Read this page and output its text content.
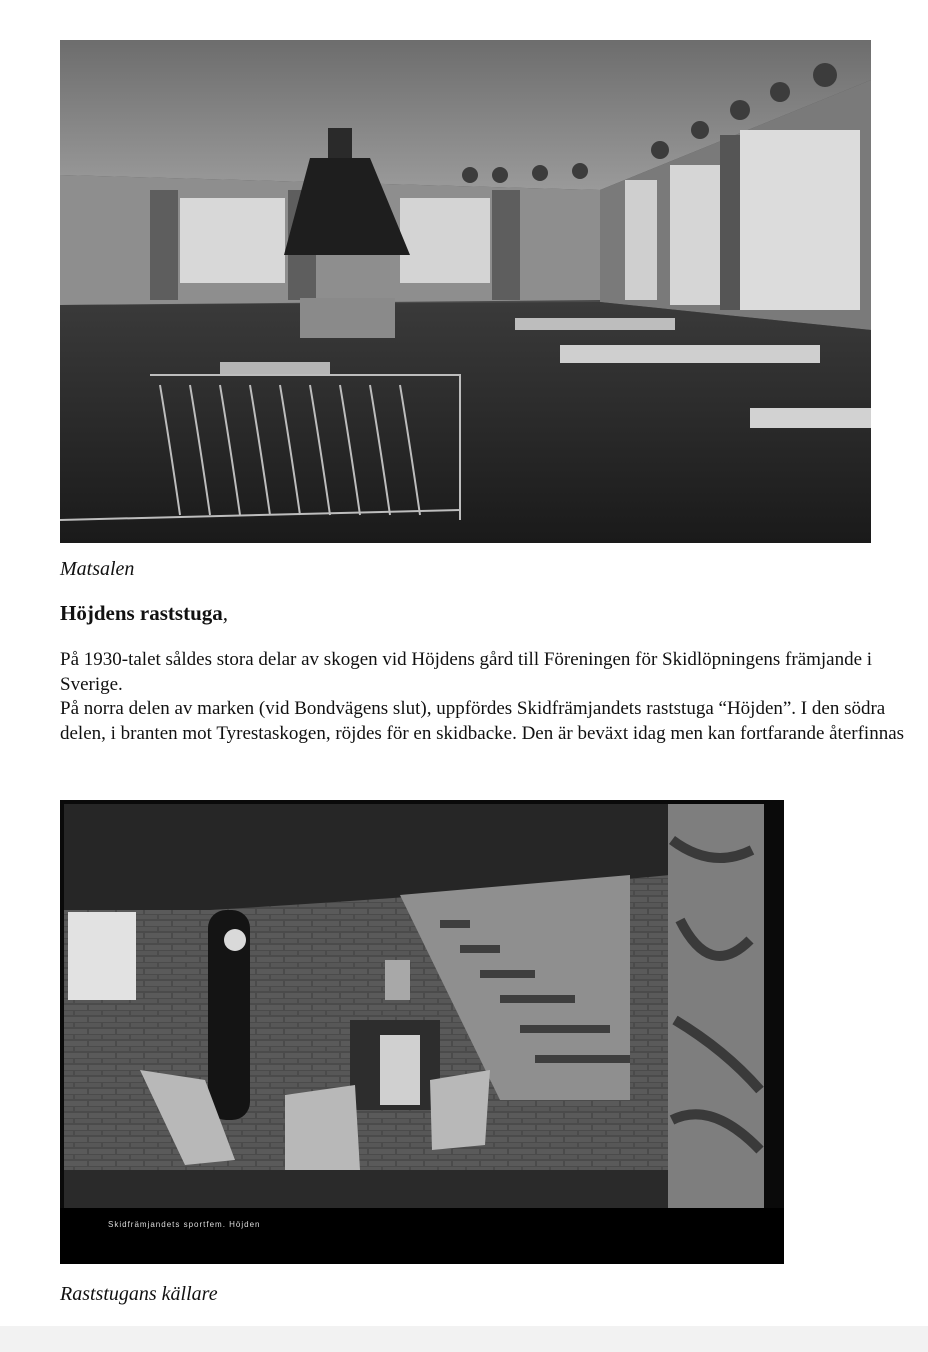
Matsalen
Höjdens raststuga,

På 1930-talet såldes stora delar av skogen vid Höjdens gård till Föreningen för Skidlöpningens främjande i Sverige.

På norra delen av marken (vid Bondvägens slut), uppfördes Skidfrämjandets raststuga “Höjden”. I den södra delen, i branten mot Tyrestaskogen, röjdes för en skidbacke. Den är beväxt idag men kan fortfarande återfinnas

Skidfrämjandets sportfem. Höjden
Raststugans källare
